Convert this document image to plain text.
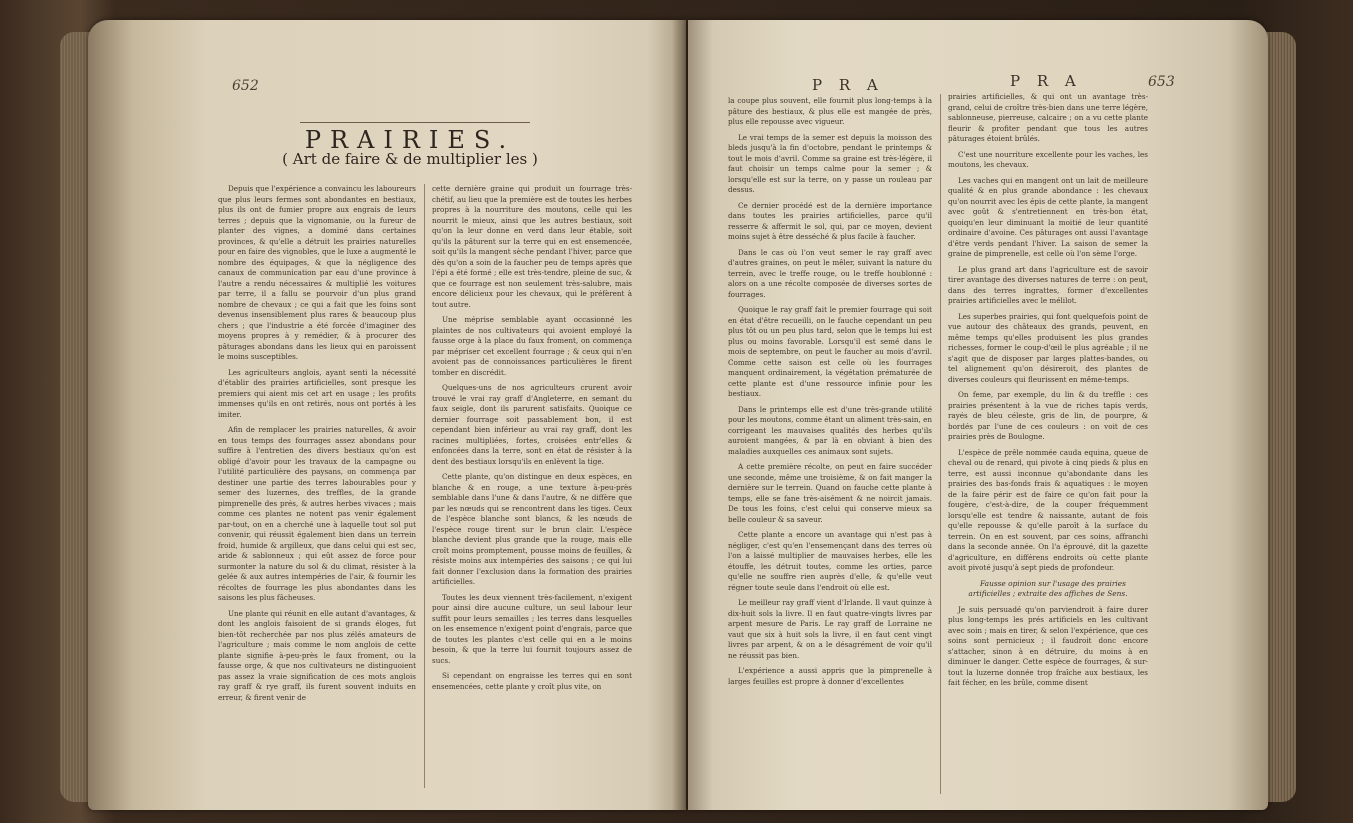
652
PRAIRIES.
( Art de faire & de multiplier les )

Depuis que l'expérience a convaincu les laboureurs que plus leurs fermes sont abondantes en bestiaux, plus ils ont de fumier propre aux engrais de leurs terres ; depuis que la vignomanie, ou la fureur de planter des vignes, a dominé dans certaines provinces, & qu'elle a détruit les prairies naturelles pour en faire des vignobles, que le luxe a augmenté le nombre des équipages, & que la négligence des canaux de communication par eau d'une province à l'autre a rendu nécessaires & multiplié les voitures par terre, il a fallu se pourvoir d'un plus grand nombre de chevaux ; ce qui a fait que les foins sont devenus insensiblement plus rares & beaucoup plus chers ; que l'industrie a été forcée d'imaginer des moyens propres à y remédier, & à procurer des pâturages abondans dans les lieux qui en paroissent le moins susceptibles.

Les agriculteurs anglois, ayant senti la nécessité d'établir des prairies artificielles, sont presque les premiers qui aient mis cet art en usage ; les profits immenses qu'ils en ont retirés, nous ont portés à les imiter.

Afin de remplacer les prairies naturelles, & avoir en tous temps des fourrages assez abondans pour suffire à l'entretien des divers bestiaux qu'on est obligé d'avoir pour les travaux de la campagne ou l'utilité particulière des paysans, on commença par destiner une partie des terres labourables pour y semer des luzernes, des treffles, de la grande pimprenelle des prés, & autres herbes vivaces ; mais comme ces plantes ne notent pas venir également par-tout, on en a cherché une à laquelle tout sol put convenir, qui réussit également bien dans un terrein froid, humide & argilleux, que dans celui qui est sec, aride & sablonneux ; qui eût assez de force pour surmonter la nature du sol & du climat, résister à la gelée & aux autres intempéries de l'air, & fournir les récoltes de fourrage les plus abondantes dans les saisons les plus fâcheuses.

Une plante qui réunit en elle autant d'avantages, & dont les anglois faisoient de si grands éloges, fut bien-tôt recherchée par nos plus zélés amateurs de l'agriculture ; mais comme le nom anglois de cette plante signifie à-peu-près le faux froment, ou la fausse orge, & que nos cultivateurs ne distinguoient pas assez la vraie signification de ces mots anglois ray graff & rye graff, ils furent souvent induits en erreur, & firent venir de

cette dernière graine qui produit un fourrage très-chétif, au lieu que la première est de toutes les herbes propres à la nourriture des moutons, celle qui les nourrit le mieux, ainsi que les autres bestiaux, soit qu'on la leur donne en verd dans leur étable, soit qu'ils la pâturent sur la terre qui en est ensemencée, soit qu'ils la mangent sèche pendant l'hiver, parce que dès qu'on a soin de la faucher peu de temps après que l'épi a été formé ; elle est très-tendre, pleine de suc, & que ce fourrage est non seulement très-salubre, mais encore délicieux pour les chevaux, qui le préfèrent à tout autre.

Une méprise semblable ayant occasionné les plaintes de nos cultivateurs qui avoient employé la fausse orge à la place du faux froment, on commença par mépriser cet excellent fourrage ; & ceux qui n'en avoient pas de connoissances particulières le firent tomber en discrédit.

Quelques-uns de nos agriculteurs crurent avoir trouvé le vrai ray graff d'Angleterre, en semant du faux seigle, dont ils parurent satisfaits. Quoique ce dernier fourrage soit passablement bon, il est cependant bien inférieur au vrai ray graff, dont les racines multipliées, fortes, croisées entr'elles & enfoncées dans la terre, sont en état de résister à la dent des bestiaux lorsqu'ils en enlèvent la tige.

Cette plante, qu'on distingue en deux espèces, en blanche & en rouge, a une texture à-peu-près semblable dans l'une & dans l'autre, & ne diffère que par les nœuds qui se rencontrent dans les tiges. Ceux de l'espèce blanche sont blancs, & les nœuds de l'espèce rouge tirent sur le brun clair. L'espèce blanche devient plus grande que la rouge, mais elle croît moins promptement, pousse moins de feuilles, & résiste moins aux intempéries des saisons ; ce qui lui fait donner l'exclusion dans la formation des prairies artificielles.

Toutes les deux viennent très-facilement, n'exigent pour ainsi dire aucune culture, un seul labour leur suffit pour leurs semailles ; les terres dans lesquelles on les ensemence n'exigent point d'engrais, parce que de toutes les plantes c'est celle qui en a le moins besoin, & que la terre lui fournit toujours assez de sucs.

Si cependant on engraisse les terres qui en sont ensemencées, cette plante y croît plus vite, on

P R A	P R A	653

la coupe plus souvent, elle fournit plus long-temps à la pâture des bestiaux, & plus elle est mangée de près, plus elle repousse avec vigueur.

Le vrai temps de la semer est depuis la moisson des bleds jusqu'à la fin d'octobre, pendant le printemps & tout le mois d'avril. Comme sa graine est très-légère, il faut choisir un temps calme pour la semer ; & lorsqu'elle est sur la terre, on y passe un rouleau par dessus.

Ce dernier procédé est de la dernière importance dans toutes les prairies artificielles, parce qu'il resserre & affermit le sol, qui, par ce moyen, devient moins sujet à être desséché & plus facile à faucher.

Dans le cas où l'on veut semer le ray graff avec d'autres graines, on peut le mêler, suivant la nature du terrein, avec le treffe rouge, ou le treffe houblonné : alors on a une récolte composée de diverses sortes de fourrages.

Quoique le ray graff fait le premier fourrage qui soit en état d'être recueilli, on le fauche cependant un peu plus tôt ou un peu plus tard, selon que le temps lui est plus ou moins favorable. Lorsqu'il est semé dans le mois de septembre, on peut le faucher au mois d'avril. Comme cette saison est celle où les fourrages manquent ordinairement, la végétation prématurée de cette plante est d'une ressource infinie pour les bestiaux.

Dans le printemps elle est d'une très-grande utilité pour les moutons, comme étant un aliment très-sain, en corrigeant les mauvaises qualités des herbes qu'ils auroient mangées, & par là en obviant à bien des maladies auxquelles ces animaux sont sujets.

A cette première récolte, on peut en faire succéder une seconde, même une troisième, & on fait manger la dernière sur le terrein. Quand on fauche cette plante à temps, elle se fane très-aisément & ne noircit jamais. De tous les foins, c'est celui qui conserve mieux sa belle couleur & sa saveur.

Cette plante a encore un avantage qui n'est pas à négliger, c'est qu'en l'ensemençant dans des terres où l'on a laissé multiplier de mauvaises herbes, elle les étouffe, les détruit toutes, comme les orties, parce qu'elle ne souffre rien auprès d'elle, & qu'elle veut régner toute seule dans l'endroit où elle est.

Le meilleur ray graff vient d'Irlande. Il vaut quinze à dix-huit sols la livre. Il en faut quatre-vingts livres par arpent mesure de Paris. Le ray graff de Lorraine ne vaut que six à huit sols la livre, il en faut cent vingt livres par arpent, & on a le désagrément de voir qu'il ne réussit pas bien.

L'expérience a aussi appris que la pimprenelle à larges feuilles est propre à donner d'excellentes

prairies artificielles, & qui ont un avantage très-grand, celui de croître très-bien dans une terre légère, sablonneuse, pierreuse, calcaire ; on a vu cette plante fleurir & profiter pendant que tous les autres pâturages étoient brûlés.

C'est une nourriture excellente pour les vaches, les moutons, les chevaux.

Les vaches qui en mangent ont un lait de meilleure qualité & en plus grande abondance : les chevaux qu'on nourrit avec les épis de cette plante, la mangent avec goût & s'entretiennent en très-bon état, quoiqu'en leur diminuant la moitié de leur quantité ordinaire d'avoine. Ces pâturages ont aussi l'avantage d'être verds pendant l'hiver. La saison de semer la graine de pimprenelle, est celle où l'on sème l'orge.

Le plus grand art dans l'agriculture est de savoir tirer avantage des diverses natures de terre : on peut, dans des terres ingrattes, former d'excellentes prairies artificielles avec le mélilot.

Les superbes prairies, qui font quelquefois point de vue autour des châteaux des grands, peuvent, en même temps qu'elles produisent les plus grandes richesses, former le coup-d'œil le plus agréable ; il ne s'agit que de disposer par larges plattes-bandes, ou tel alignement qu'on désireroit, des plantes de diverses couleurs qui fleurissent en même-temps.

On feme, par exemple, du lin & du treffle : ces prairies présentent à la vue de riches tapis verds, rayés de bleu céleste, gris de lin, de pourpre, & bordés par l'une de ces couleurs : on voit de ces prairies près de Boulogne.

L'espèce de prêle nommée cauda equina, queue de cheval ou de renard, qui pivote à cinq pieds & plus en terre, est aussi inconnue qu'abondante dans les prairies des bas-fonds frais & aquatiques : le moyen de la faire périr est de faire ce qu'on fait pour la fougère, c'est-à-dire, de la couper fréquemment lorsqu'elle est tendre & naissante, autant de fois qu'elle repousse & qu'elle paroît à la surface du terrein. On en est souvent, par ces soins, affranchi dans la seconde année. On l'a éprouvé, dit la gazette d'agriculture, en différens endroits où cette plante avoit pivoté jusqu'à sept pieds de profondeur.

Fausse opinion sur l'usage des prairies artificielles ; extraite des affiches de Sens.

Je suis persuadé qu'on parviendroit à faire durer plus long-temps les prés artificiels en les cultivant avec soin ; mais en tirer, & selon l'expérience, que ces soins sont pernicieux ; il faudroit donc encore s'attacher, sinon à en détruire, du moins à en diminuer le danger. Cette espèce de fourrages, & sur-tout la luzerne donnée trop fraîche aux bestiaux, les fait fécher, en les brûle, comme disent
